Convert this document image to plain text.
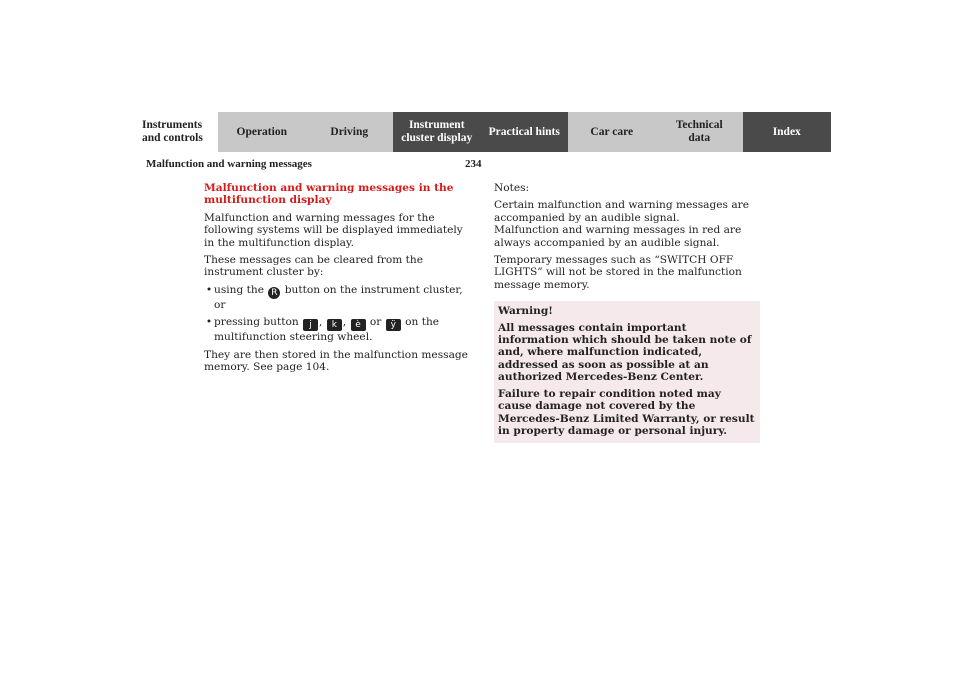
Instruments
and controls
Operation	Driving
Instrument
cluster display
Practical hints	Car care
Technical
data
Index
Malfunction and warning messages	234
Malfunction and warning messages in the multifunction display

Malfunction and warning messages for the following systems will be displayed immediately in the multifunction display.

These messages can be cleared from the instrument cluster by:

• using the R button on the instrument cluster, or
• pressing button j , k , è or ÿ on the multifunction steering wheel.

They are then stored in the malfunction message memory. See page 104.

Notes:

Certain malfunction and warning messages are accompanied by an audible signal.

Malfunction and warning messages in red are always accompanied by an audible signal.

Temporary messages such as “SWITCH OFF LIGHTS” will not be stored in the malfunction message memory.

Warning!

All messages contain important information which should be taken note of and, where malfunction indicated, addressed as soon as possible at an authorized Mercedes-Benz Center.

Failure to repair condition noted may cause damage not covered by the Mercedes-Benz Limited Warranty, or result in property damage or personal injury.
